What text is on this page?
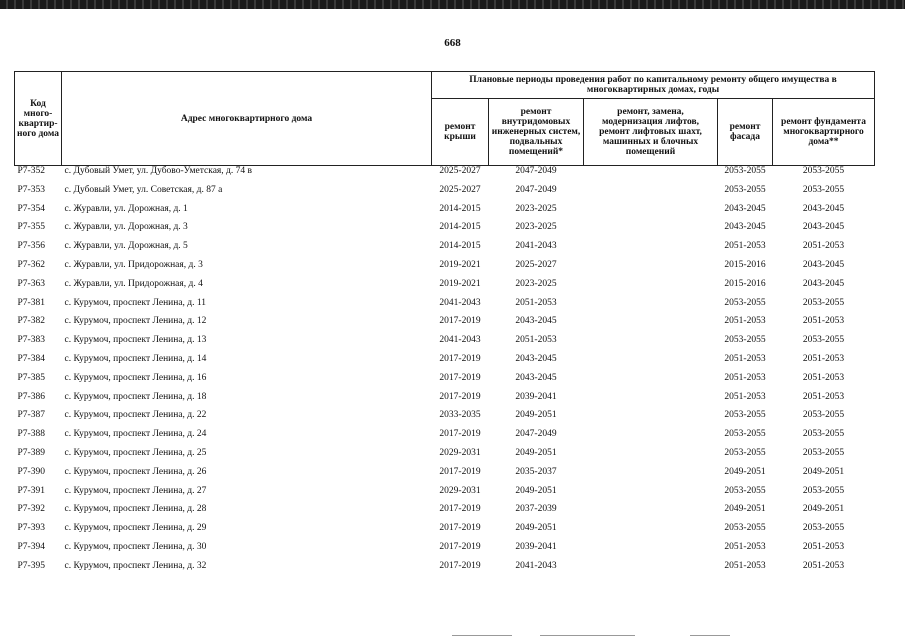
668
Код много-квартир-ного дома	Адрес многоквартирного дома	Плановые периоды проведения работ по капитальному ремонту общего имущества в многоквартирных домах, годы				
		ремонт крыши	ремонт внутридомовых инженерных систем, подвальных помещений*	ремонт, замена, модернизация лифтов, ремонт лифтовых шахт, машинных и блочных помещений	ремонт фасада	ремонт фундамента многоквартирного дома**
Р7-352	с. Дубовый Умет, ул. Дубово-Уметская, д. 74 в	2025-2027	2047-2049		2053-2055	2053-2055
Р7-353	с. Дубовый Умет, ул. Советская, д. 87 а	2025-2027	2047-2049		2053-2055	2053-2055
Р7-354	с. Журавли, ул. Дорожная, д. 1	2014-2015	2023-2025		2043-2045	2043-2045
Р7-355	с. Журавли, ул. Дорожная, д. 3	2014-2015	2023-2025		2043-2045	2043-2045
Р7-356	с. Журавли, ул. Дорожная, д. 5	2014-2015	2041-2043		2051-2053	2051-2053
Р7-362	с. Журавли, ул. Придорожная, д. 3	2019-2021	2025-2027		2015-2016	2043-2045
Р7-363	с. Журавли, ул. Придорожная, д. 4	2019-2021	2023-2025		2015-2016	2043-2045
Р7-381	с. Курумоч, проспект Ленина, д. 11	2041-2043	2051-2053		2053-2055	2053-2055
Р7-382	с. Курумоч, проспект Ленина, д. 12	2017-2019	2043-2045		2051-2053	2051-2053
Р7-383	с. Курумоч, проспект Ленина, д. 13	2041-2043	2051-2053		2053-2055	2053-2055
Р7-384	с. Курумоч, проспект Ленина, д. 14	2017-2019	2043-2045		2051-2053	2051-2053
Р7-385	с. Курумоч, проспект Ленина, д. 16	2017-2019	2043-2045		2051-2053	2051-2053
Р7-386	с. Курумоч, проспект Ленина, д. 18	2017-2019	2039-2041		2051-2053	2051-2053
Р7-387	с. Курумоч, проспект Ленина, д. 22	2033-2035	2049-2051		2053-2055	2053-2055
Р7-388	с. Курумоч, проспект Ленина, д. 24	2017-2019	2047-2049		2053-2055	2053-2055
Р7-389	с. Курумоч, проспект Ленина, д. 25	2029-2031	2049-2051		2053-2055	2053-2055
Р7-390	с. Курумоч, проспект Ленина, д. 26	2017-2019	2035-2037		2049-2051	2049-2051
Р7-391	с. Курумоч, проспект Ленина, д. 27	2029-2031	2049-2051		2053-2055	2053-2055
Р7-392	с. Курумоч, проспект Ленина, д. 28	2017-2019	2037-2039		2049-2051	2049-2051
Р7-393	с. Курумоч, проспект Ленина, д. 29	2017-2019	2049-2051		2053-2055	2053-2055
Р7-394	с. Курумоч, проспект Ленина, д. 30	2017-2019	2039-2041		2051-2053	2051-2053
Р7-395	с. Курумоч, проспект Ленина, д. 32	2017-2019	2041-2043		2051-2053	2051-2053
